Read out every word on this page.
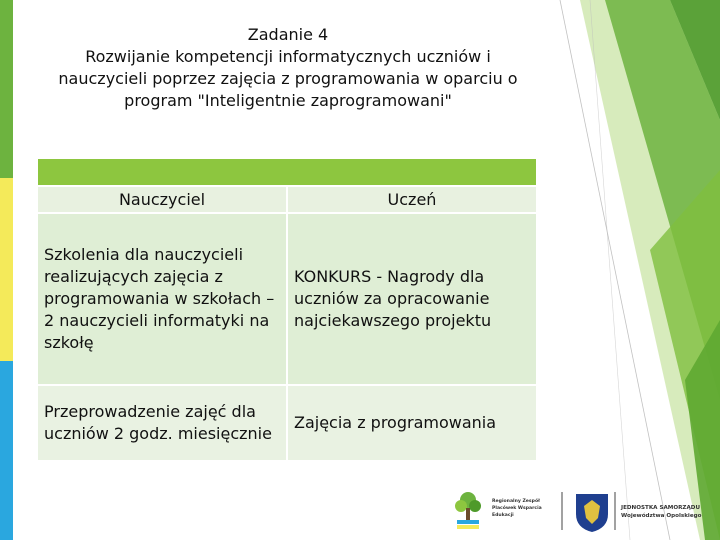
Zadanie 4
Rozwijanie kompetencji informatycznych uczniów i
nauczycieli poprzez zajęcia z programowania w oparciu o
program "Inteligentnie zaprogramowani"

Nauczyciel	Uczeń

Szkolenia dla nauczycieli realizujących zajęcia z programowania w szkołach – 2 nauczycieli informatyki na szkołę	KONKURS - Nagrody dla uczniów za opracowanie najciekawszego projektu

Przeprowadzenie zajęć dla uczniów 2 godz. miesięcznie	Zajęcia z programowania
Regionalny Zespół
Placówek Wsparcia
Edukacji
JEDNOSTKA SAMORZĄDU
Województwa Opolskiego
